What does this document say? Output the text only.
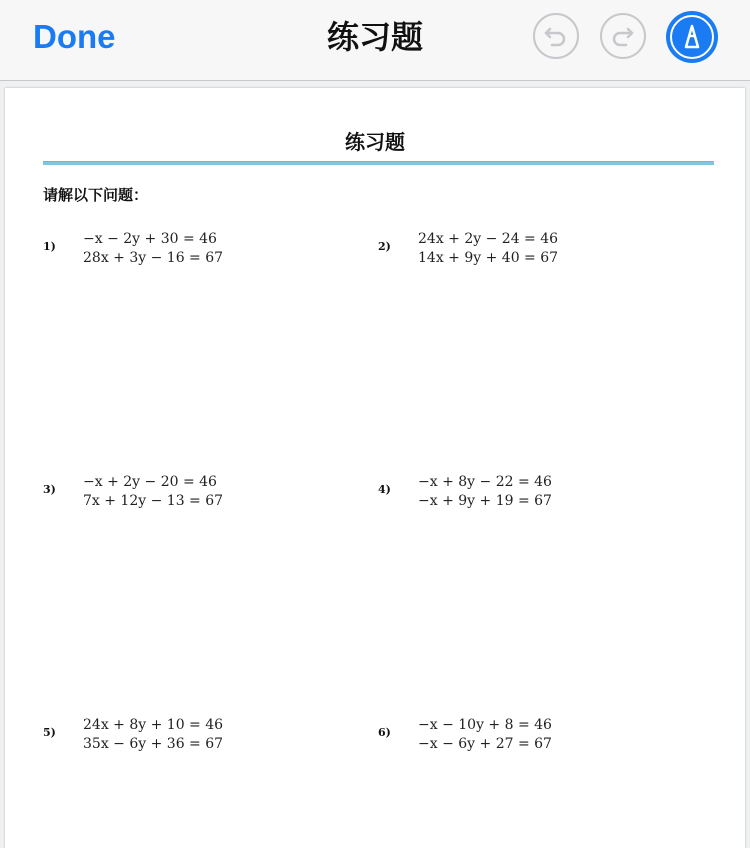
Done	练习题
练习题
请解以下问题：
1) −x − 2y + 30 = 46
28x + 3y − 16 = 67
2) 24x + 2y − 24 = 46
14x + 9y + 40 = 67
3) −x + 2y − 20 = 46
7x + 12y − 13 = 67
4) −x + 8y − 22 = 46
−x + 9y + 19 = 67
5) 24x + 8y + 10 = 46
35x − 6y + 36 = 67
6) −x − 10y + 8 = 46
−x − 6y + 27 = 67
